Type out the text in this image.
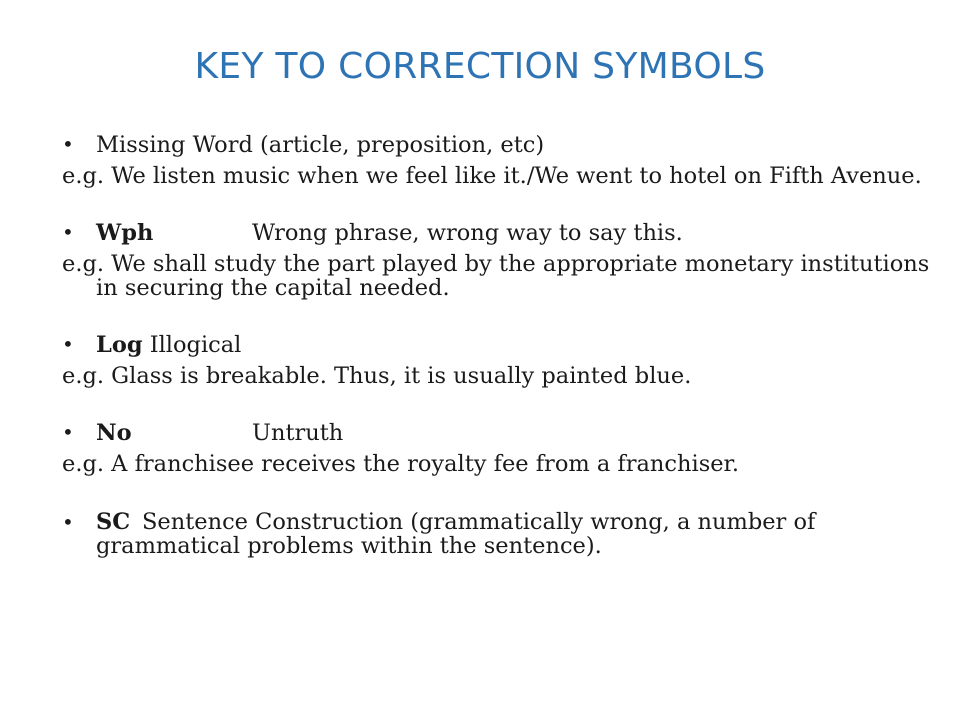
KEY TO CORRECTION SYMBOLS
• Missing Word (article, preposition, etc)

e.g. We listen music when we feel like it./We went to hotel on Fifth Avenue.

• Wph	Wrong phrase, wrong way to say this.

e.g. We shall study the part played by the appropriate monetary institutions in securing the capital needed.

• Log Illogical

e.g. Glass is breakable. Thus, it is usually painted blue.

• No	Untruth

e.g. A franchisee receives the royalty fee from a franchiser.

• SC Sentence Construction (grammatically wrong, a number of grammatical problems within the sentence).
